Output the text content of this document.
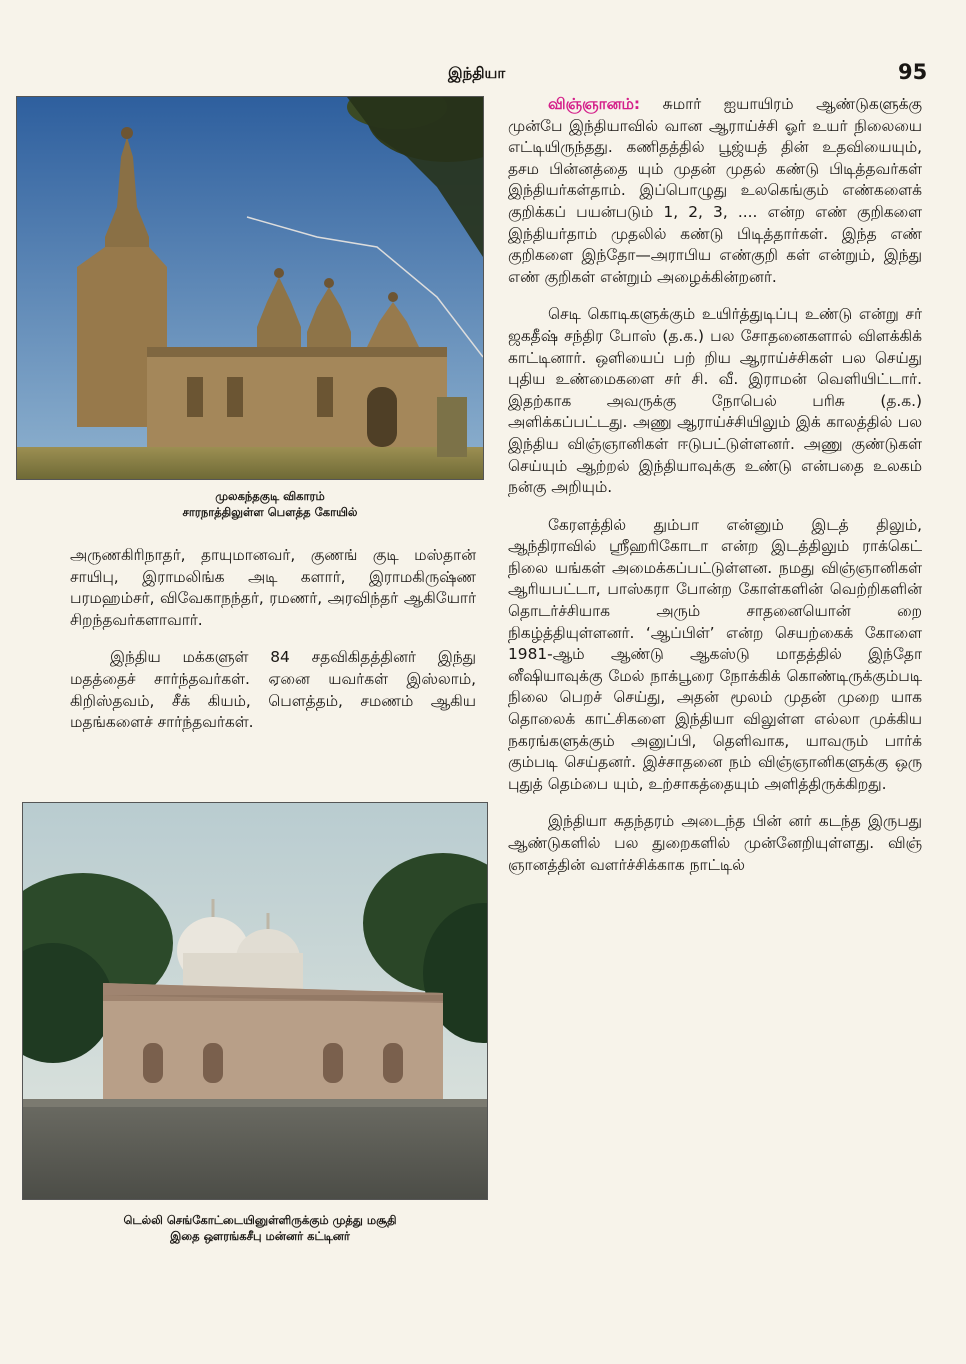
இந்தியா	95
முலகந்தகுடி விகாரம்
சாரநாத்திலுள்ள பௌத்த கோயில்

அருணகிரிநாதர், தாயுமானவர், குணங் குடி மஸ்தான் சாயிபு, இராமலிங்க அடி களார், இராமகிருஷ்ண பரமஹம்சர், விவேகாநந்தர், ரமணர், அரவிந்தர் ஆகியோர் சிறந்தவர்களாவார்.

இந்திய மக்களுள் 84 சதவிகிதத்தினர் இந்து மதத்தைச் சார்ந்தவர்கள். ஏனை யவர்கள் இஸ்லாம், கிறிஸ்தவம், சீக் கியம், பௌத்தம், சமணம் ஆகிய மதங்களைச் சார்ந்தவர்கள்.

டெல்லி செங்கோட்டையினுள்ளிருக்கும் முத்து மசூதி
இதை ஔரங்கசீபு மன்னர் கட்டினர்

விஞ்ஞானம்: சுமார் ஐயாயிரம் ஆண்டுகளுக்கு முன்பே இந்தியாவில் வான ஆராய்ச்சி ஓர் உயர் நிலையை எட்டியிருந்தது. கணிதத்தில் பூஜ்யத் தின் உதவியையும், தசம பின்னத்தை யும் முதன் முதல் கண்டு பிடித்தவர்கள் இந்தியர்கள்தாம். இப்பொழுது உலகெங்கும் எண்களைக் குறிக்கப் பயன்படும் 1, 2, 3, .... என்ற எண் குறிகளை இந்தியர்தாம் முதலில் கண்டு பிடித்தார்கள். இந்த எண் குறிகளை இந்தோ—அராபிய எண்குறி கள் என்றும், இந்து எண் குறிகள் என்றும் அழைக்கின்றனர்.

செடி கொடிகளுக்கும் உயிர்த்துடிப்பு உண்டு என்று சர் ஜகதீஷ் சந்திர போஸ் (த.க.) பல சோதனைகளால் விளக்கிக் காட்டினார். ஒளியைப் பற் றிய ஆராய்ச்சிகள் பல செய்து புதிய உண்மைகளை சர் சி. வீ. இராமன் வெளியிட்டார். இதற்காக அவருக்கு நோபெல் பரிசு (த.க.) அளிக்கப்பட்டது. அணு ஆராய்ச்சியிலும் இக் காலத்தில் பல இந்திய விஞ்ஞானிகள் ஈடுபட்டுள்ளனர். அணு குண்டுகள் செய்யும் ஆற்றல் இந்தியாவுக்கு உண்டு என்பதை உலகம் நன்கு அறியும்.

கேரளத்தில் தும்பா என்னும் இடத் திலும், ஆந்திராவில் ஸ்ரீஹரிகோடா என்ற இடத்திலும் ராக்கெட் நிலை யங்கள் அமைக்கப்பட்டுள்ளன. நமது விஞ்ஞானிகள் ஆரியபட்டா, பாஸ்கரா போன்ற கோள்களின் வெற்றிகளின் தொடர்ச்சியாக அரும் சாதனையொன் றை நிகழ்த்தியுள்ளனர். ‘ஆப்பிள்’ என்ற செயற்கைக் கோளை 1981-ஆம் ஆண்டு ஆகஸ்டு மாதத்தில் இந்தோ னீஷியாவுக்கு மேல் நாக்பூரை நோக்கிக் கொண்டிருக்கும்படி நிலை பெறச் செய்து, அதன் மூலம் முதன் முறை யாக தொலைக் காட்சிகளை இந்தியா விலுள்ள எல்லா முக்கிய நகரங்களுக்கும் அனுப்பி, தெளிவாக, யாவரும் பார்க் கும்படி செய்தனர். இச்சாதனை நம் விஞ்ஞானிகளுக்கு ஒரு புதுத் தெம்பை யும், உற்சாகத்தையும் அளித்திருக்கிறது.

இந்தியா சுதந்தரம் அடைந்த பின் னர் கடந்த இருபது ஆண்டுகளில் பல துறைகளில் முன்னேறியுள்ளது. விஞ் ஞானத்தின் வளர்ச்சிக்காக நாட்டில்
